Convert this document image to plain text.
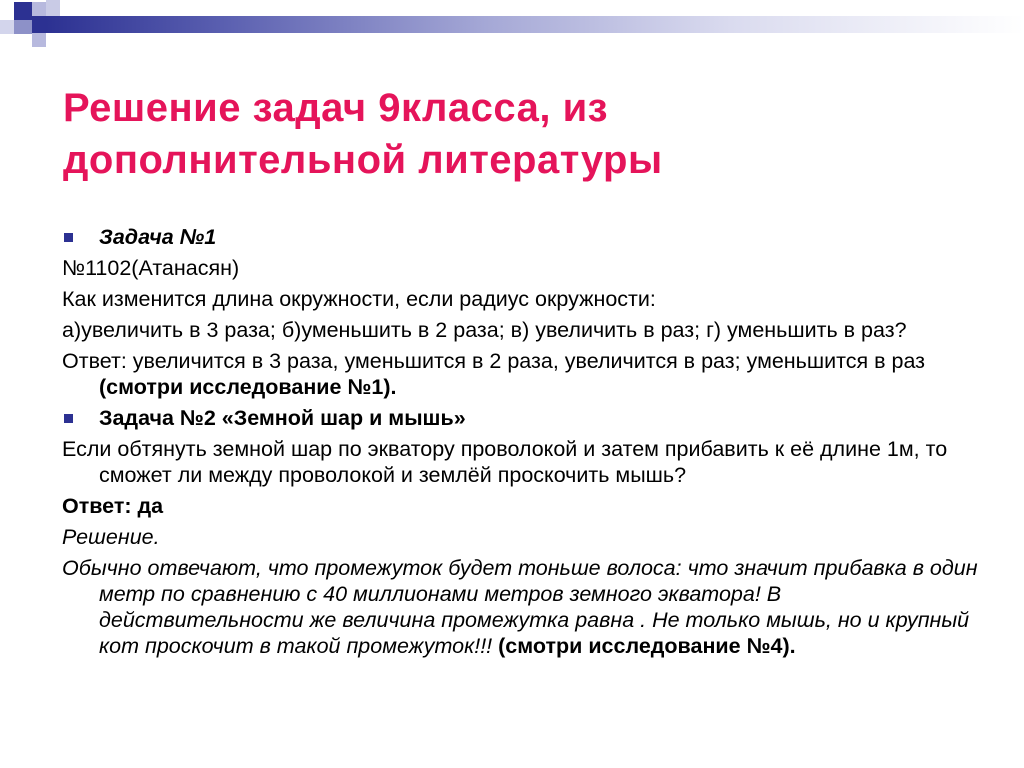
Решение задач 9класса, из
дополнительной литературы

Задача №1

№1102(Атанасян)

Как изменится длина окружности, если радиус окружности:

а)увеличить в 3 раза; б)уменьшить в 2 раза; в) увеличить в раз; г) уменьшить в раз?

Ответ: увеличится в 3 раза, уменьшится в 2 раза, увеличится в раз; уменьшится в раз (смотри исследование №1).

Задача №2 «Земной шар и мышь»

Если обтянуть земной шар по экватору проволокой и затем прибавить к её длине 1м, то сможет ли между проволокой и землёй проскочить мышь?

Ответ: да

Решение.

Обычно отвечают, что промежуток будет тоньше волоса: что значит прибавка в один метр по сравнению с 40 миллионами метров земного экватора! В действительности же величина промежутка равна . Не только мышь, но и крупный кот проскочит в такой промежуток!!! (смотри исследование №4).
